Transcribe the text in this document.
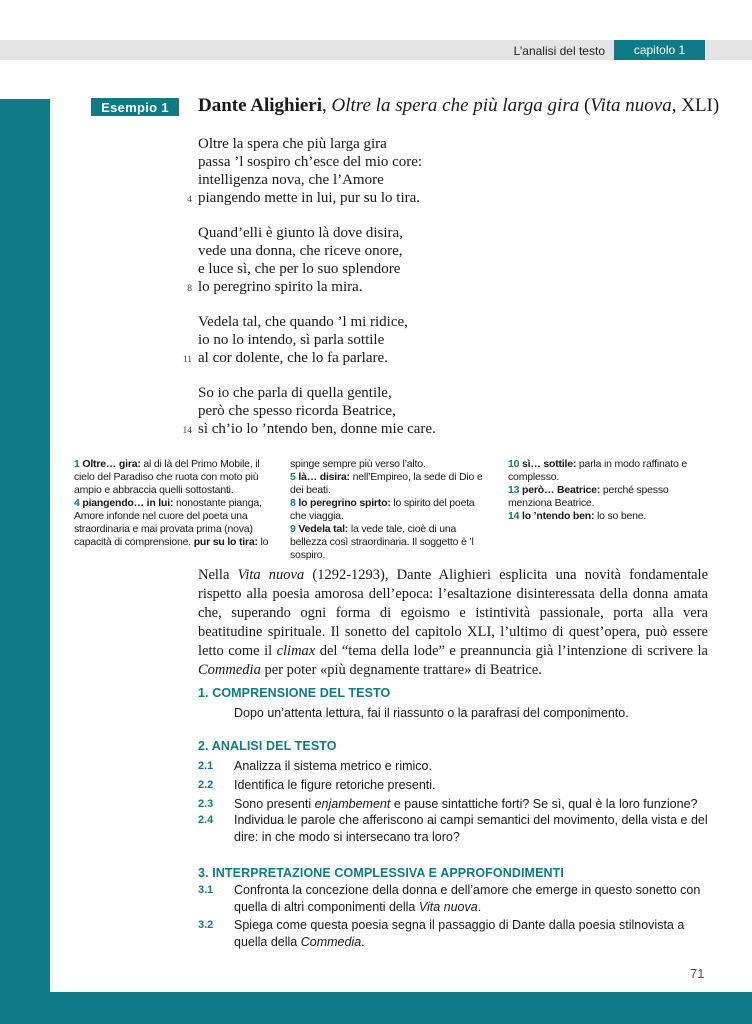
L’analisi del testo	capitolo 1
Esempio 1	Dante Alighieri, Oltre la spera che più larga gira (Vita nuova, XLI)
Oltre la spera che più larga gira
passa ’l sospiro ch’esce del mio core:
intelligenza nova, che l’Amore
4 piangendo mette in lui, pur su lo tira.
Quand’elli è giunto là dove disira,
vede una donna, che riceve onore,
e luce sì, che per lo suo splendore
8 lo peregrino spirito la mira.
Vedela tal, che quando ’l mi ridice,
io no lo intendo, sì parla sottile
11 al cor dolente, che lo fa parlare.
So io che parla di quella gentile,
però che spesso ricorda Beatrice,
14 sì ch’io lo ’ntendo ben, donne mie care.
1 Oltre… gira: al di là del Primo Mobile, il cielo del Paradiso che ruota con moto più ampio e abbraccia quelli sottostanti.
4 piangendo… in lui: nonostante pianga, Amore infonde nel cuore del poeta una straordinaria e mai provata prima (nova) capacità di comprensione. pur su lo tira: lo
spinge sempre più verso l’alto.
5 là… disira: nell’Empireo, la sede di Dio e dei beati.
8 lo peregrino spirto: lo spirito del poeta che viaggia.
9 Vedela tal: la vede tale, cioè di una bellezza così straordinaria. Il soggetto è ’l sospiro.
10 sì… sottile: parla in modo raffinato e complesso.
13 però… Beatrice: perché spesso menziona Beatrice.
14 lo ’ntendo ben: lo so bene.
Nella Vita nuova (1292-1293), Dante Alighieri esplicita una novità fondamentale rispetto alla poesia amorosa dell’epoca: l’esaltazione disinteressata della donna amata che, superando ogni forma di egoismo e istintività passionale, porta alla vera beatitudine spirituale. Il sonetto del capitolo XLI, l’ultimo di quest’opera, può essere letto come il climax del “tema della lode” e preannuncia già l’intenzione di scrivere la Commedia per poter «più degnamente trattare» di Beatrice.
1. COMPRENSIONE DEL TESTO
Dopo un’attenta lettura, fai il riassunto o la parafrasi del componimento.
2. ANALISI DEL TESTO
2.1 Analizza il sistema metrico e rimico.
2.2 Identifica le figure retoriche presenti.
2.3 Sono presenti enjambement e pause sintattiche forti? Se sì, qual è la loro funzione?
2.4 Individua le parole che afferiscono ai campi semantici del movimento, della vista e del dire: in che modo si intersecano tra loro?
3. INTERPRETAZIONE COMPLESSIVA E APPROFONDIMENTI
3.1 Confronta la concezione della donna e dell’amore che emerge in questo sonetto con quella di altri componimenti della Vita nuova.
3.2 Spiega come questa poesia segna il passaggio di Dante dalla poesia stilnovista a quella della Commedia.
71
